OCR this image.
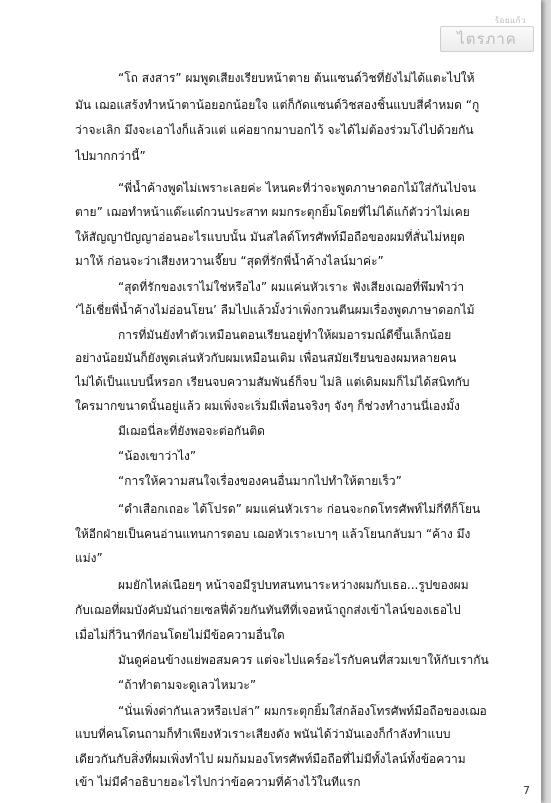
ร้อยแก้ว
ไตรภาค

“โถ สงสาร” ผมพูดเสียงเรียบหน้าตาย ต้นแซนด์วิชที่ยังไม่ได้แตะไปให้

มัน เฌอแสร้งทำหน้าตาน้อยอกน้อยใจ แต่ก็กัดแซนด์วิชสองชิ้นแบบสี่คำหมด “กู

ว่าจะเลิก มึงจะเอาไงก็แล้วแต่ แค่อยากมาบอกไว้ จะได้ไม่ต้องร่วมโง่ไปด้วยกัน

ไปมากกว่านี้”

“พี่น้ำค้างพูดไม่เพราะเลยค่ะ ไหนคะที่ว่าจะพูดภาษาดอกไม้ใส่กันไปจน

ตาย” เฌอทำหน้าแด๊ะแด๋กวนประสาท ผมกระตุกยิ้มโดยที่ไม่ได้แก้ตัวว่าไม่เคย

ให้สัญญาปัญญาอ่อนอะไรแบบนั้น มันสไลด์โทรศัพท์มือถือของผมที่สั่นไม่หยุด

มาให้ ก่อนจะว่าเสียงหวานเจี๊ยบ “สุดที่รักพี่น้ำค้างไลน์มาค่ะ”

“สุดที่รักของเราไม่ใช่หรือไง” ผมแค่นหัวเราะ ฟังเสียงเฌอที่พึมพำว่า

‘ไอ้เชี่ยพี่น้ำค้างไม่อ่อนโยน’ ลืมไปแล้วมั้งว่าเพิ่งกวนตีนผมเรื่องพูดภาษาดอกไม้

การที่มันยังทำตัวเหมือนตอนเรียนอยู่ทำให้ผมอารมณ์ดีขึ้นเล็กน้อย

อย่างน้อยมันก็ยังพูดเล่นหัวกับผมเหมือนเดิม เพื่อนสมัยเรียนของผมหลายคน

ไม่ได้เป็นแบบนี้หรอก เรียนจบความสัมพันธ์ก็จบ ไม่ลิ แต่เดิมผมก็ไม่ได้สนิทกับ

ใครมากขนาดนั้นอยู่แล้ว ผมเพิ่งจะเริ่มมีเพื่อนจริงๆ จังๆ ก็ช่วงทำงานนี่เองมั้ง

มีเฌอนี่ละที่ยังพอจะต่อกันติด

“น้องเขาว่าไง”

“การให้ความสนใจเรื่องของคนอื่นมากไปทำให้ตายเร็ว”

“ดำเสือกเถอะ ได้โปรด” ผมแค่นหัวเราะ ก่อนจะกดโทรศัพท์ไม่กี่ทีก็โยน

ให้อีกฝ่ายเป็นคนอ่านแทนการตอบ เฌอหัวเราะเบาๆ แล้วโยนกลับมา “ค้าง มึง

แม่ง”

ผมยักไหล่เนือยๆ หน้าจอมีรูปบทสนทนาระหว่างผมกับเธอ...รูปของผม

กับเฌอที่ผมบังคับมันถ่ายเซลฟี่ด้วยกันทันทีที่เจอหน้าถูกส่งเข้าไลน์ของเธอไป

เมื่อไม่กี่วินาทีก่อนโดยไม่มีข้อความอื่นใด

มันดูค่อนข้างแย่พอสมควร แต่จะไปแคร์อะไรกับคนที่สวมเขาให้กับเรากัน

“ถ้าทำตามจะดูเลวไหมวะ”

“นั่นเพิ่งด่ากันเลวหรือเปล่า” ผมกระตุกยิ้มใส่กล้องโทรศัพท์มือถือของเฌอ

แบบที่คนโดนถามก็ทำเพียงหัวเราะเสียงดัง พนันได้ว่ามันเองก็กำลังทำแบบ

เดียวกันกับสิ่งที่ผมเพิ่งทำไป ผมก้มมองโทรศัพท์มือถือที่ไม่มีทั้งไลน์ทั้งข้อความ

เข้า ไม่มีคำอธิบายอะไรไปกว่าข้อความที่ค้างไว้ในทีแรก

7
